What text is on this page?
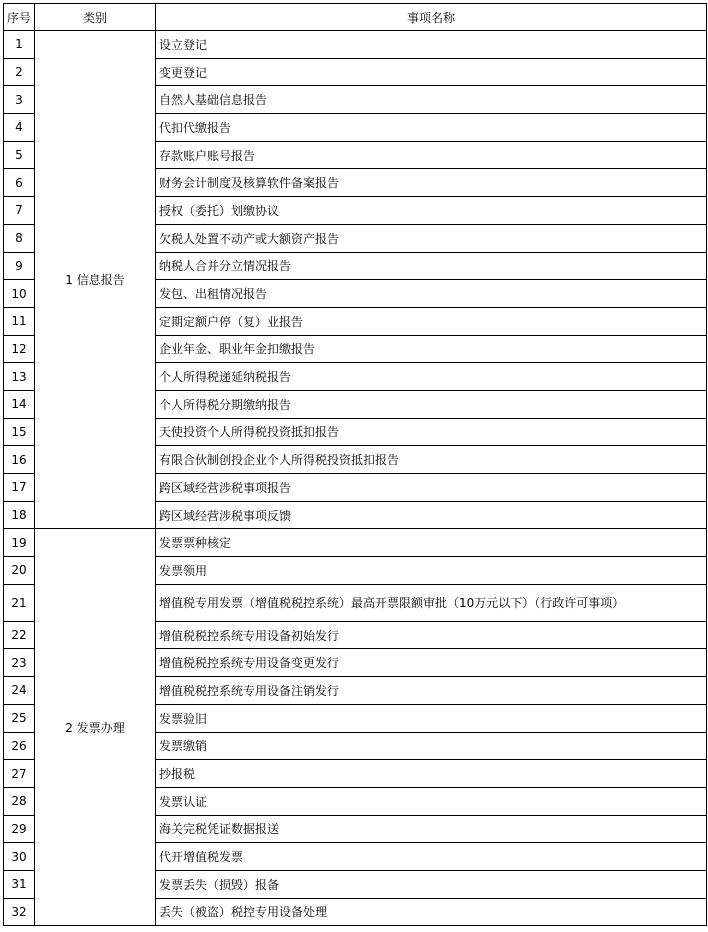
序号	类别	事项名称
1	1 信息报告	设立登记
2		变更登记
3		自然人基础信息报告
4		代扣代缴报告
5		存款账户账号报告
6		财务会计制度及核算软件备案报告
7		授权（委托）划缴协议
8		欠税人处置不动产或大额资产报告
9		纳税人合并分立情况报告
10		发包、出租情况报告
11		定期定额户停（复）业报告
12		企业年金、职业年金扣缴报告
13		个人所得税递延纳税报告
14		个人所得税分期缴纳报告
15		天使投资个人所得税投资抵扣报告
16		有限合伙制创投企业个人所得税投资抵扣报告
17		跨区域经营涉税事项报告
18		跨区域经营涉税事项反馈
19	2 发票办理	发票票种核定
20		发票领用
21		增值税专用发票（增值税税控系统）最高开票限额审批（10万元以下）（行政许可事项）
22		增值税税控系统专用设备初始发行
23		增值税税控系统专用设备变更发行
24		增值税税控系统专用设备注销发行
25		发票验旧
26		发票缴销
27		抄报税
28		发票认证
29		海关完税凭证数据报送
30		代开增值税发票
31		发票丢失（损毁）报备
32		丢失（被盗）税控专用设备处理
